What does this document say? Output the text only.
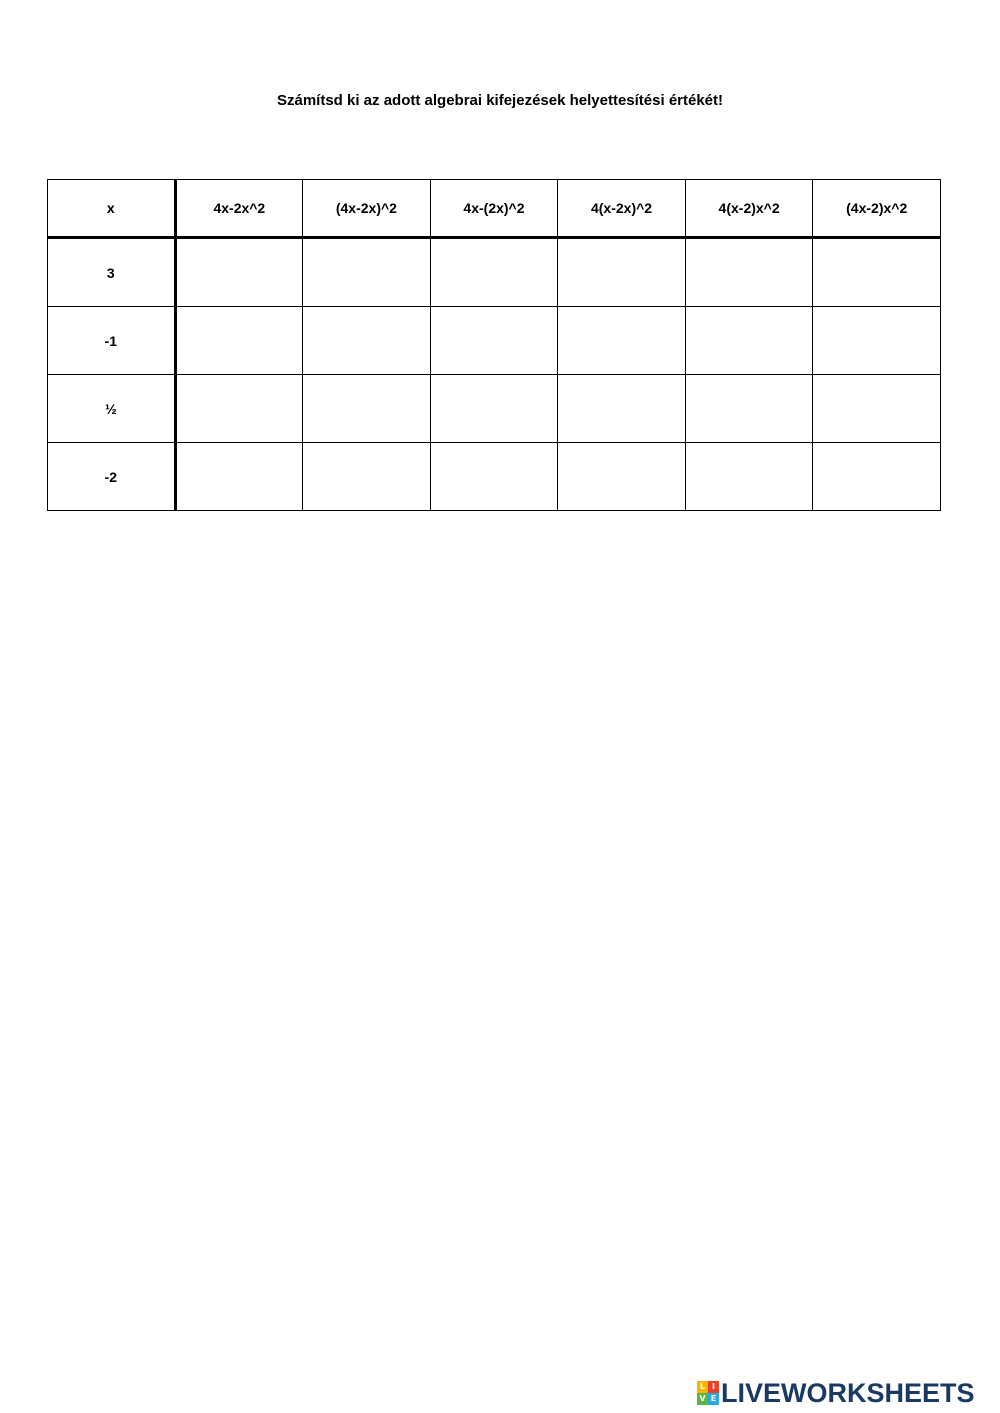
Számítsd ki az adott algebrai kifejezések helyettesítési értékét!
x	4x-2x^2	(4x-2x)^2	4x-(2x)^2	4(x-2x)^2	4(x-2)x^2	(4x-2)x^2
3						
-1						
½						
-2						
L I
V E LIVEWORKSHEETS
